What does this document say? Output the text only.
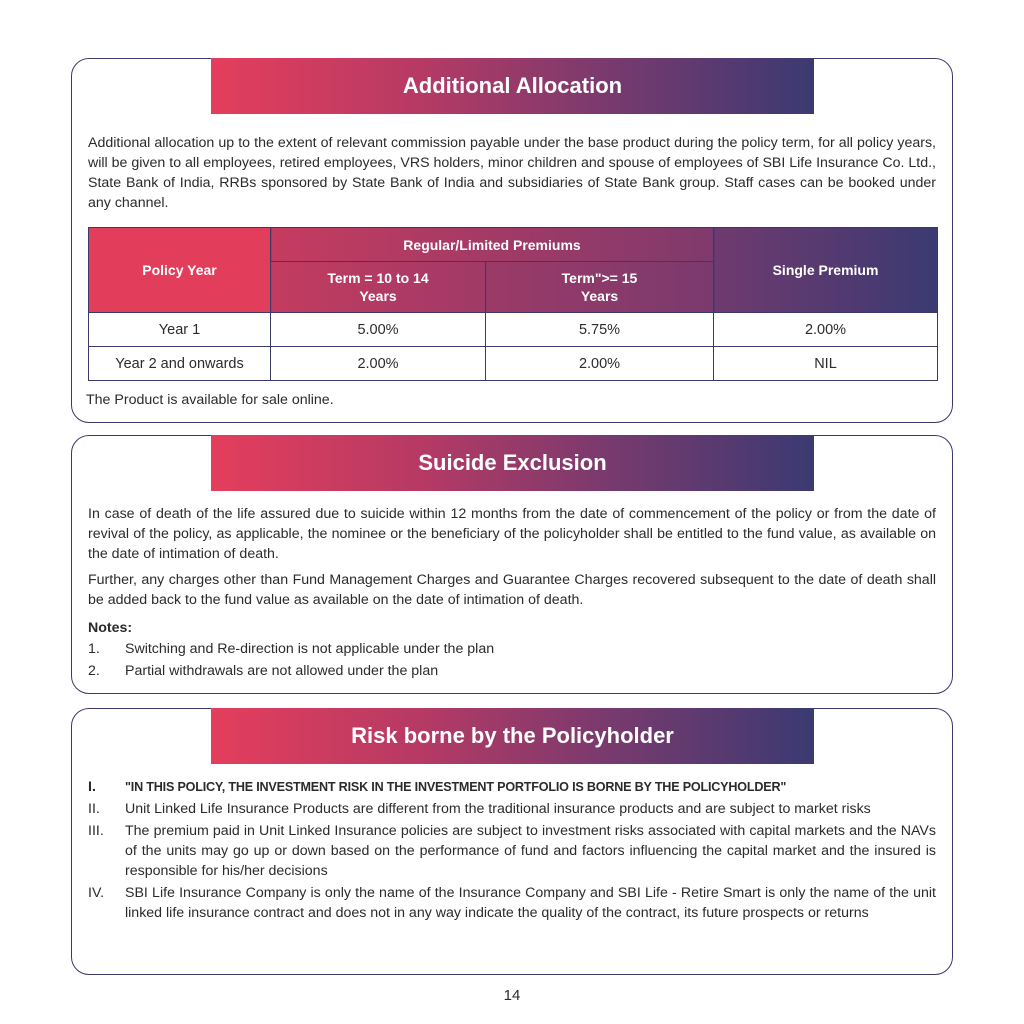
Additional Allocation

Additional allocation up to the extent of relevant commission payable under the base product during the policy term, for all policy years, will be given to all employees, retired employees, VRS holders, minor children and spouse of employees of SBI Life Insurance Co. Ltd., State Bank of India, RRBs sponsored by State Bank of India and subsidiaries of State Bank group. Staff cases can be booked under any channel.

Policy Year	Regular/Limited Premiums		Single Premium
	Term = 10 to 14 Years	Term">= 15 Years	
Year 1	5.00%	5.75%	2.00%
Year 2 and onwards	2.00%	2.00%	NIL
The Product is available for sale online.
Suicide Exclusion

In case of death of the life assured due to suicide within 12 months from the date of commencement of the policy or from the date of revival of the policy, as applicable, the nominee or the beneficiary of the policyholder shall be entitled to the fund value, as available on the date of intimation of death.

Further, any charges other than Fund Management Charges and Guarantee Charges recovered subsequent to the date of death shall be added back to the fund value as available on the date of intimation of death.

Notes:
1.	Switching and Re-direction is not applicable under the plan
2.	Partial withdrawals are not allowed under the plan
Risk borne by the Policyholder
I.	"IN THIS POLICY, THE INVESTMENT RISK IN THE INVESTMENT PORTFOLIO IS BORNE BY THE POLICYHOLDER"
II.	Unit Linked Life Insurance Products are different from the traditional insurance products and are subject to market risks
III.	The premium paid in Unit Linked Insurance policies are subject to investment risks associated with capital markets and the NAVs of the units may go up or down based on the performance of fund and factors influencing the capital market and the insured is responsible for his/her decisions
IV.	SBI Life Insurance Company is only the name of the Insurance Company and SBI Life - Retire Smart is only the name of the unit linked life insurance contract and does not in any way indicate the quality of the contract, its future prospects or returns
14
